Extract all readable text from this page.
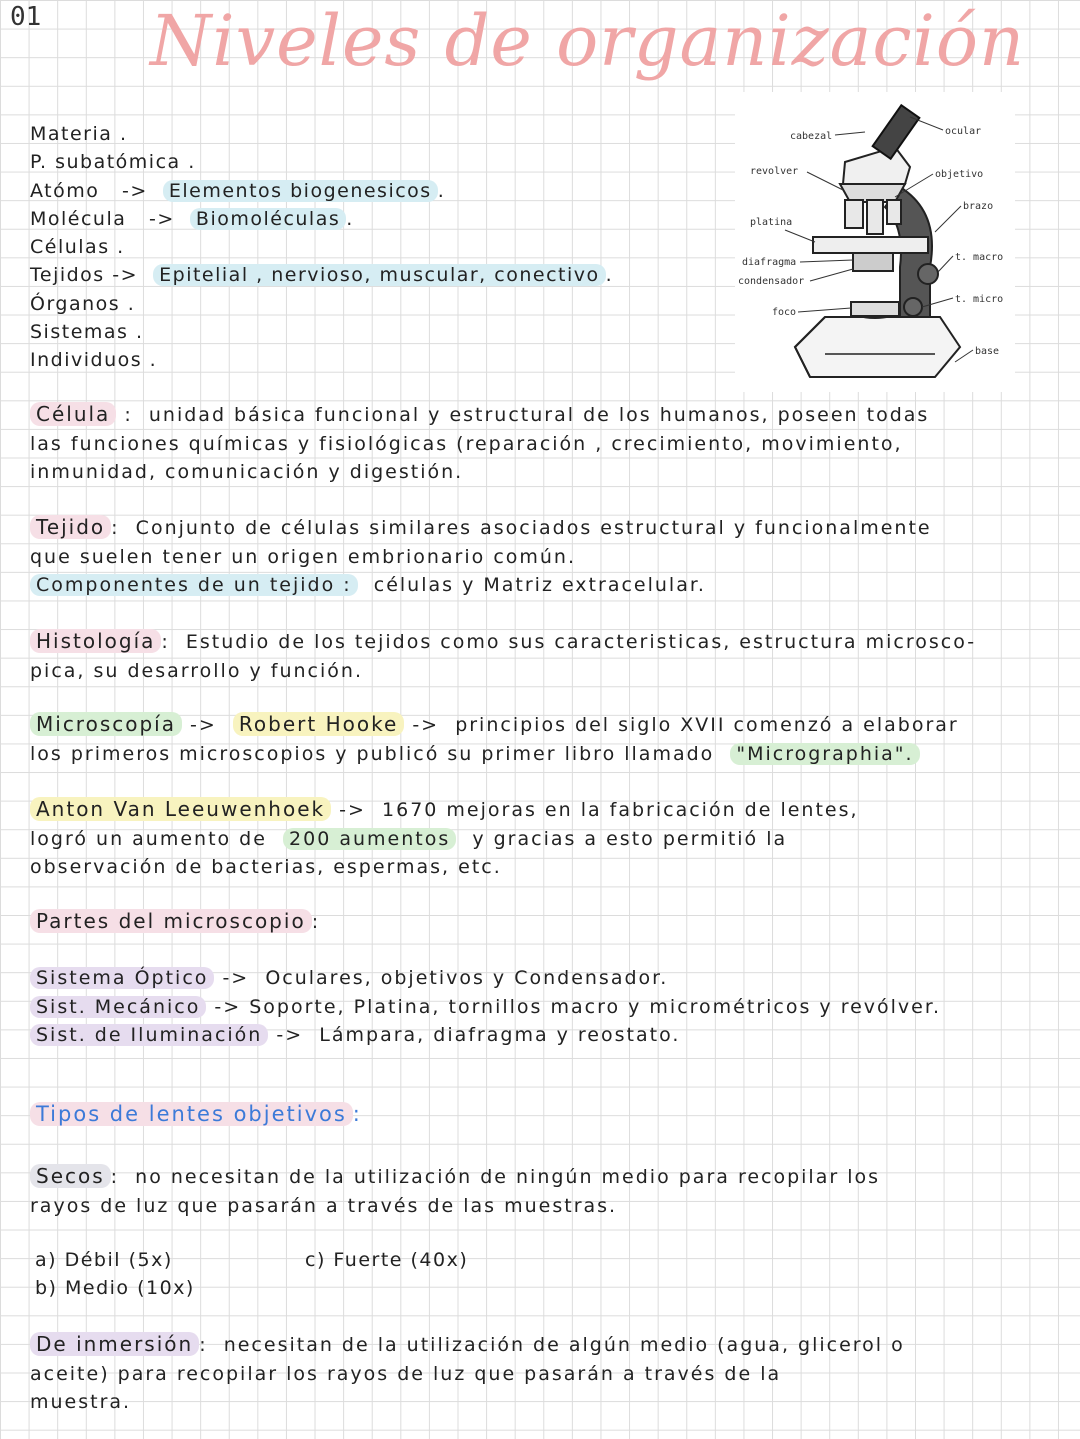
01 Niveles de organización
Materia .
P. subatómica .
Atómo -> Elementos biogenesicos .
Molécula -> Biomoléculas .
Células .
Tejidos -> Epitelial , nervioso, muscular, conectivo .
Órganos .
Sistemas .
Individuos .
cabezal
revolver
platina
diafragma
condensador
foco
ocular
objetivo
brazo
t. macro
t. micro
base
Célula : unidad básica funcional y estructural de los humanos, poseen todas
las funciones químicas y fisiológicas (reparación , crecimiento, movimiento,
inmunidad, comunicación y digestión.
Tejido : Conjunto de células similares asociados estructural y funcionalmente
que suelen tener un origen embrionario común.
Componentes de un tejido : células y Matriz extracelular.
Histología : Estudio de los tejidos como sus caracteristicas, estructura microsco-
pica, su desarrollo y función.
Microscopía -> Robert Hooke -> principios del siglo XVII comenzó a elaborar
los primeros microscopios y publicó su primer libro llamado "Micrographia".
Anton Van Leeuwenhoek -> 1670 mejoras en la fabricación de lentes,
logró un aumento de 200 aumentos y gracias a esto permitió la
observación de bacterias, espermas, etc.
Partes del microscopio :
Sistema Óptico -> Oculares, objetivos y Condensador.
Sist. Mecánico -> Soporte, Platina, tornillos macro y micrométricos y revólver.
Sist. de Iluminación -> Lámpara, diafragma y reostato.
Tipos de lentes objetivos :
Secos : no necesitan de la utilización de ningún medio para recopilar los
rayos de luz que pasarán a través de las muestras.
a) Débil (5x)
b) Medio (10x)
c) Fuerte (40x)
De inmersión : necesitan de la utilización de algún medio (agua, glicerol o
aceite) para recopilar los rayos de luz que pasarán a través de la
muestra.
